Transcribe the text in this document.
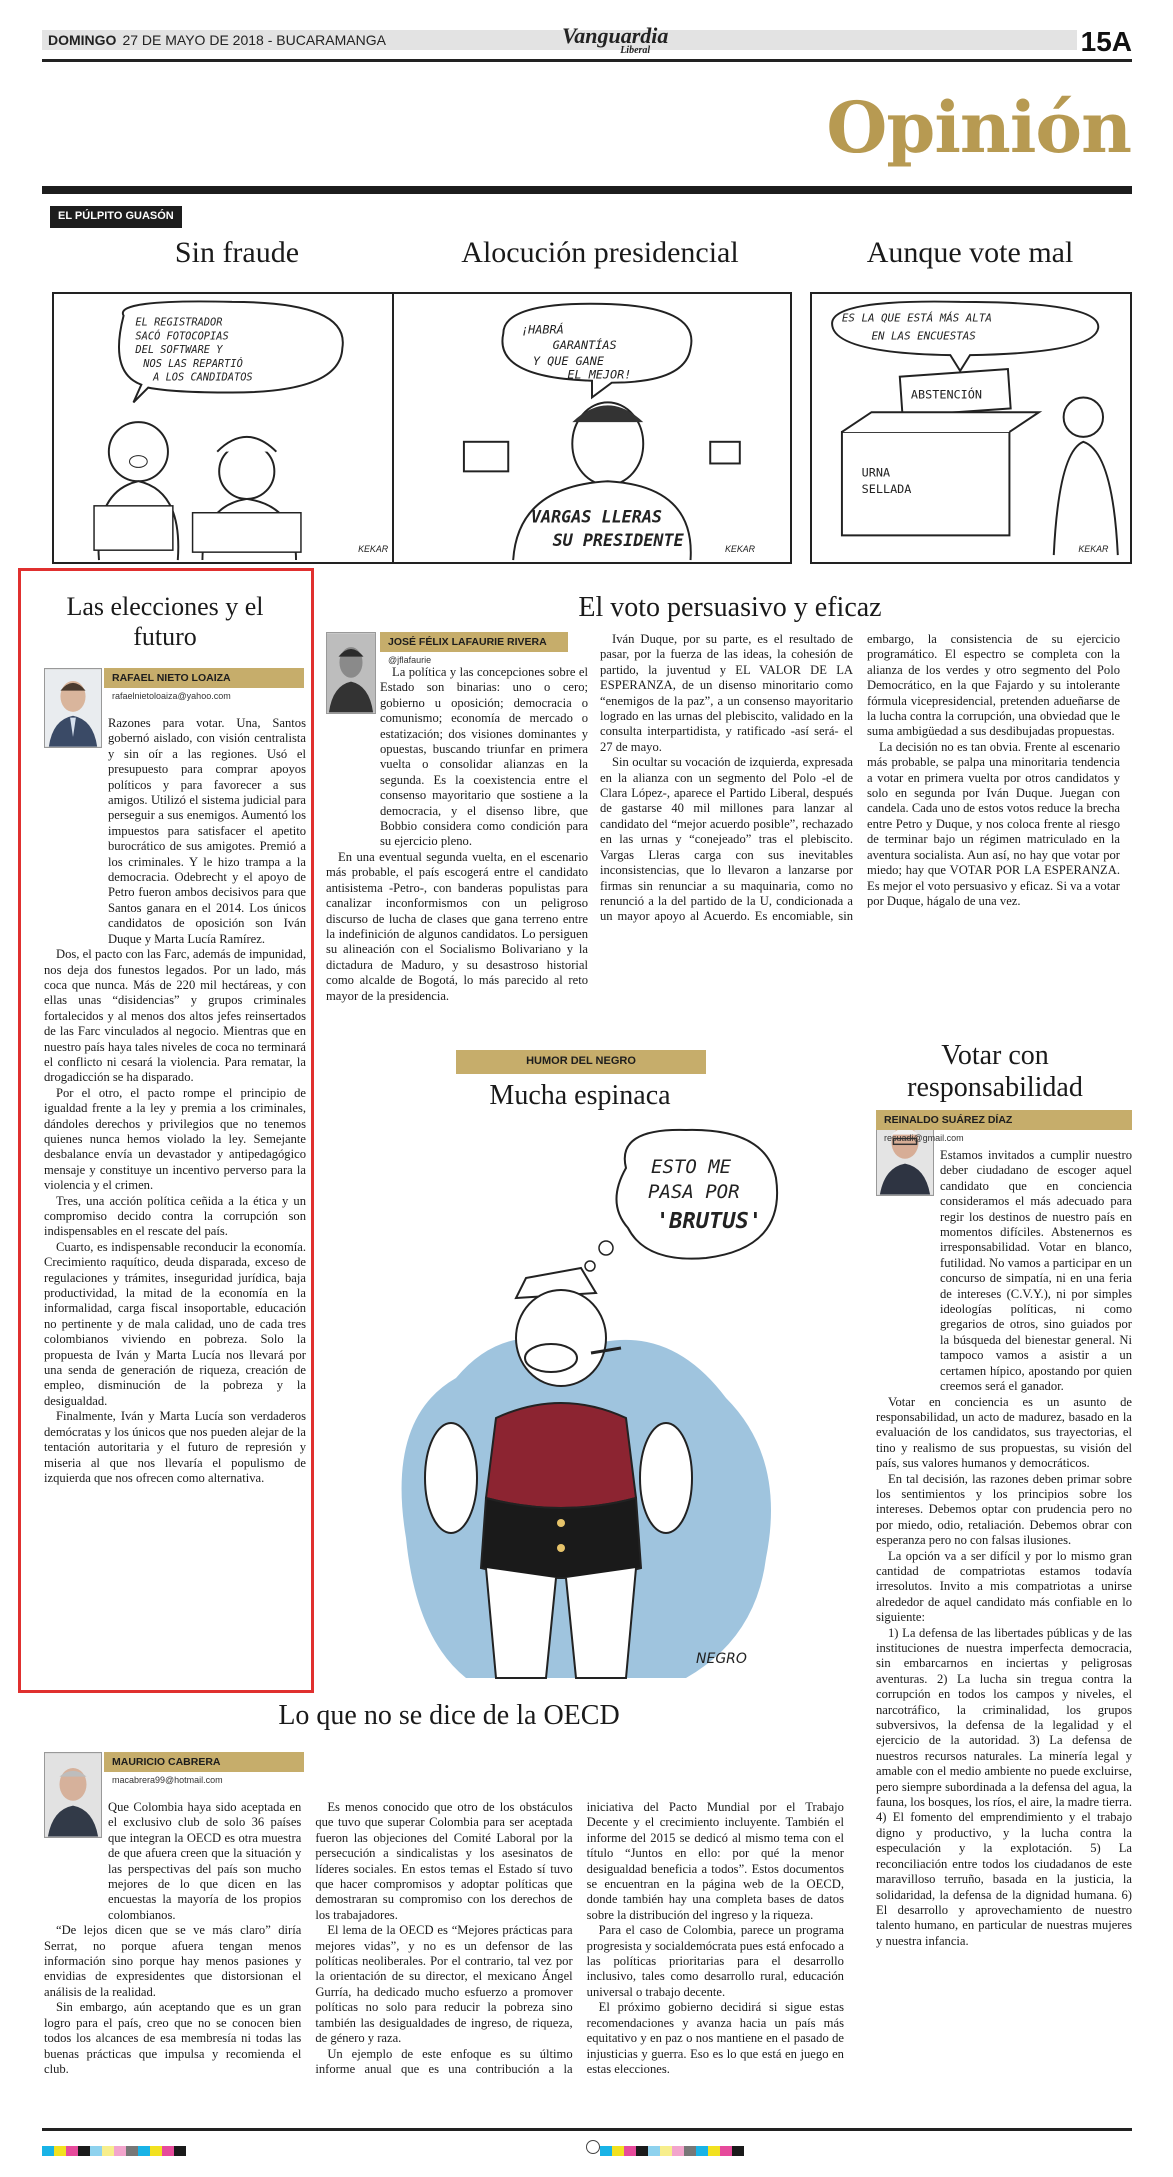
DOMINGO 27 DE MAYO DE 2018 - BUCARAMANGA	Vanguardia
Liberal	15A
Opinión
EL PÚLPITO GUASÓN
Sin fraude	Alocución presidencial	Aunque vote mal
EL REGISTRADOR
SACÓ FOTOCOPIAS
DEL SOFTWARE Y
NOS LAS REPARTIÓ
A LOS CANDIDATOS
KEKAR
¡HABRÁ
GARANTÍAS
Y QUE GANE
EL MEJOR!
VARGAS LLERAS
SU PRESIDENTE	KEKAR
ES LA QUE ESTÁ MÁS ALTA
EN LAS ENCUESTAS
ABSTENCIÓN
URNA
SELLADA
KEKAR
Las elecciones y el futuro
RAFAEL NIETO LOAIZA
rafaelnietoloaiza@yahoo.com

Razones para votar. Una, Santos gobernó aislado, con visión centralista y sin oír a las regiones. Usó el presupuesto para comprar apoyos políticos y para favorecer a sus amigos. Utilizó el sistema judicial para perseguir a sus enemigos. Aumentó los impuestos para satisfacer el apetito burocrático de sus amigotes. Premió a los criminales. Y le hizo trampa a la democracia. Odebrecht y el apoyo de Petro fueron ambos decisivos para que Santos ganara en el 2014. Los únicos candidatos de oposición son Iván Duque y Marta Lucía Ramírez.

Dos, el pacto con las Farc, además de impunidad, nos deja dos funestos legados. Por un lado, más coca que nunca. Más de 220 mil hectáreas, y con ellas unas “disidencias” y grupos criminales fortalecidos y al menos dos altos jefes reinsertados de las Farc vinculados al negocio. Mientras que en nuestro país haya tales niveles de coca no terminará el conflicto ni cesará la violencia. Para rematar, la drogadicción se ha disparado.

Por el otro, el pacto rompe el principio de igualdad frente a la ley y premia a los criminales, dándoles derechos y privilegios que no tenemos quienes nunca hemos violado la ley. Semejante desbalance envía un devastador y antipedagógico mensaje y constituye un incentivo perverso para la violencia y el crimen.

Tres, una acción política ceñida a la ética y un compromiso decido contra la corrupción son indispensables en el rescate del país.

Cuarto, es indispensable reconducir la economía. Crecimiento raquítico, deuda disparada, exceso de regulaciones y trámites, inseguridad jurídica, baja productividad, la mitad de la economía en la informalidad, carga fiscal insoportable, educación no pertinente y de mala calidad, uno de cada tres colombianos viviendo en pobreza. Solo la propuesta de Iván y Marta Lucía nos llevará por una senda de generación de riqueza, creación de empleo, disminución de la pobreza y la desigualdad.

Finalmente, Iván y Marta Lucía son verdaderos demócratas y los únicos que nos pueden alejar de la tentación autoritaria y el futuro de represión y miseria al que nos llevaría el populismo de izquierda que nos ofrecen como alternativa.

El voto persuasivo y eficaz
JOSÉ FÉLIX LAFAURIE RIVERA
@jflafaurie

La política y las concepciones sobre el Estado son binarias: uno o cero; gobierno u oposición; democracia o comunismo; economía de mercado o estatización; dos visiones dominantes y opuestas, buscando triunfar en primera vuelta o consolidar alianzas en la segunda. Es la coexistencia entre el consenso mayoritario que sostiene a la democracia, y el disenso libre, que Bobbio considera como condición para su ejercicio pleno.

En una eventual segunda vuelta, en el escenario más probable, el país escogerá entre el candidato antisistema -Petro-, con banderas populistas para canalizar inconformismos con un peligroso discurso de lucha de clases que gana terreno entre la indefinición de algunos candidatos. Lo persiguen su alineación con el Socialismo Bolivariano y la dictadura de Maduro, y su desastroso historial como alcalde de Bogotá, lo más parecido al reto mayor de la presidencia.

Iván Duque, por su parte, es el resultado de pasar, por la fuerza de las ideas, la cohesión de partido, la juventud y EL VALOR DE LA ESPERANZA, de un disenso minoritario como “enemigos de la paz”, a un consenso mayoritario logrado en las urnas del plebiscito, validado en la consulta interpartidista, y ratificado -así será- el 27 de mayo.

Sin ocultar su vocación de izquierda, expresada en la alianza con un segmento del Polo -el de Clara López-, aparece el Partido Liberal, después de gastarse 40 mil millones para lanzar al candidato del “mejor acuerdo posible”, rechazado en las urnas y “conejeado” tras el plebiscito. Vargas Lleras carga con sus inevitables inconsistencias, que lo llevaron a lanzarse por firmas sin renunciar a su maquinaria, como no renunció a la del partido de la U, condicionada a un mayor apoyo al Acuerdo. Es encomiable, sin embargo, la consistencia de su ejercicio programático. El espectro se completa con la alianza de los verdes y otro segmento del Polo Democrático, en la que Fajardo y su intolerante fórmula vicepresidencial, pretenden adueñarse de la lucha contra la corrupción, una obviedad que le suma ambigüedad a sus desdibujadas propuestas.

La decisión no es tan obvia. Frente al escenario más probable, se palpa una minoritaria tendencia a votar en primera vuelta por otros candidatos y solo en segunda por Iván Duque. Juegan con candela. Cada uno de estos votos reduce la brecha entre Petro y Duque, y nos coloca frente al riesgo de terminar bajo un régimen matriculado en la aventura socialista. Aun así, no hay que votar por miedo; hay que VOTAR POR LA ESPERANZA. Es mejor el voto persuasivo y eficaz. Si va a votar por Duque, hágalo de una vez.

HUMOR DEL NEGRO
Mucha espinaca
ESTO ME
PASA POR
'BRUTUS'
NEGRO
Votar con responsabilidad
REINALDO SUÁREZ DÍAZ
resuadi@gmail.com

Estamos invitados a cumplir nuestro deber ciudadano de escoger aquel candidato que en conciencia consideramos el más adecuado para regir los destinos de nuestro país en momentos difíciles. Abstenernos es irresponsabilidad. Votar en blanco, futilidad. No vamos a participar en un concurso de simpatía, ni en una feria de intereses (C.V.Y.), ni por simples ideologías políticas, ni como gregarios de otros, sino guiados por la búsqueda del bienestar general. Ni tampoco vamos a asistir a un certamen hípico, apostando por quien creemos será el ganador.

Votar en conciencia es un asunto de responsabilidad, un acto de madurez, basado en la evaluación de los candidatos, sus trayectorias, el tino y realismo de sus propuestas, su visión del país, sus valores humanos y democráticos.

En tal decisión, las razones deben primar sobre los sentimientos y los principios sobre los intereses. Debemos optar con prudencia pero no por miedo, odio, retaliación. Debemos obrar con esperanza pero no con falsas ilusiones.

La opción va a ser difícil y por lo mismo gran cantidad de compatriotas estamos todavía irresolutos. Invito a mis compatriotas a unirse alrededor de aquel candidato más confiable en lo siguiente:

1) La defensa de las libertades públicas y de las instituciones de nuestra imperfecta democracia, sin embarcarnos en inciertas y peligrosas aventuras. 2) La lucha sin tregua contra la corrupción en todos los campos y niveles, el narcotráfico, la criminalidad, los grupos subversivos, la defensa de la legalidad y el ejercicio de la autoridad. 3) La defensa de nuestros recursos naturales. La minería legal y amable con el medio ambiente no puede excluirse, pero siempre subordinada a la defensa del agua, la fauna, los bosques, los ríos, el aire, la madre tierra. 4) El fomento del emprendimiento y el trabajo digno y productivo, y la lucha contra la especulación y la explotación. 5) La reconciliación entre todos los ciudadanos de este maravilloso terruño, basada en la justicia, la solidaridad, la defensa de la dignidad humana. 6) El desarrollo y aprovechamiento de nuestro talento humano, en particular de nuestras mujeres y nuestra infancia.

Lo que no se dice de la OECD
MAURICIO CABRERA
macabrera99@hotmail.com

Que Colombia haya sido aceptada en el exclusivo club de solo 36 países que integran la OECD es otra muestra de que afuera creen que la situación y las perspectivas del país son mucho mejores de lo que dicen en las encuestas la mayoría de los propios colombianos.

“De lejos dicen que se ve más claro” diría Serrat, no porque afuera tengan menos información sino porque hay menos pasiones y envidias de expresidentes que distorsionan el análisis de la realidad.

Sin embargo, aún aceptando que es un gran logro para el país, creo que no se conocen bien todos los alcances de esa membresía ni todas las buenas prácticas que impulsa y recomienda el club.

Es menos conocido que otro de los obstáculos que tuvo que superar Colombia para ser aceptada fueron las objeciones del Comité Laboral por la persecución a sindicalistas y los asesinatos de líderes sociales. En estos temas el Estado sí tuvo que hacer compromisos y adoptar políticas que demostraran su compromiso con los derechos de los trabajadores.

El lema de la OECD es “Mejores prácticas para mejores vidas”, y no es un defensor de las políticas neoliberales. Por el contrario, tal vez por la orientación de su director, el mexicano Ángel Gurría, ha dedicado mucho esfuerzo a promover políticas no solo para reducir la pobreza sino también las desigualdades de ingreso, de riqueza, de género y raza.

Un ejemplo de este enfoque es su último informe anual que es una contribución a la iniciativa del Pacto Mundial por el Trabajo Decente y el crecimiento incluyente. También el informe del 2015 se dedicó al mismo tema con el título “Juntos en ello: por qué la menor desigualdad beneficia a todos”. Estos documentos se encuentran en la página web de la OECD, donde también hay una completa bases de datos sobre la distribución del ingreso y la riqueza.

Para el caso de Colombia, parece un programa progresista y socialdemócrata pues está enfocado a las políticas prioritarias para el desarrollo inclusivo, tales como desarrollo rural, educación universal o trabajo decente.

El próximo gobierno decidirá si sigue estas recomendaciones y avanza hacia un país más equitativo y en paz o nos mantiene en el pasado de injusticias y guerra. Eso es lo que está en juego en estas elecciones.
